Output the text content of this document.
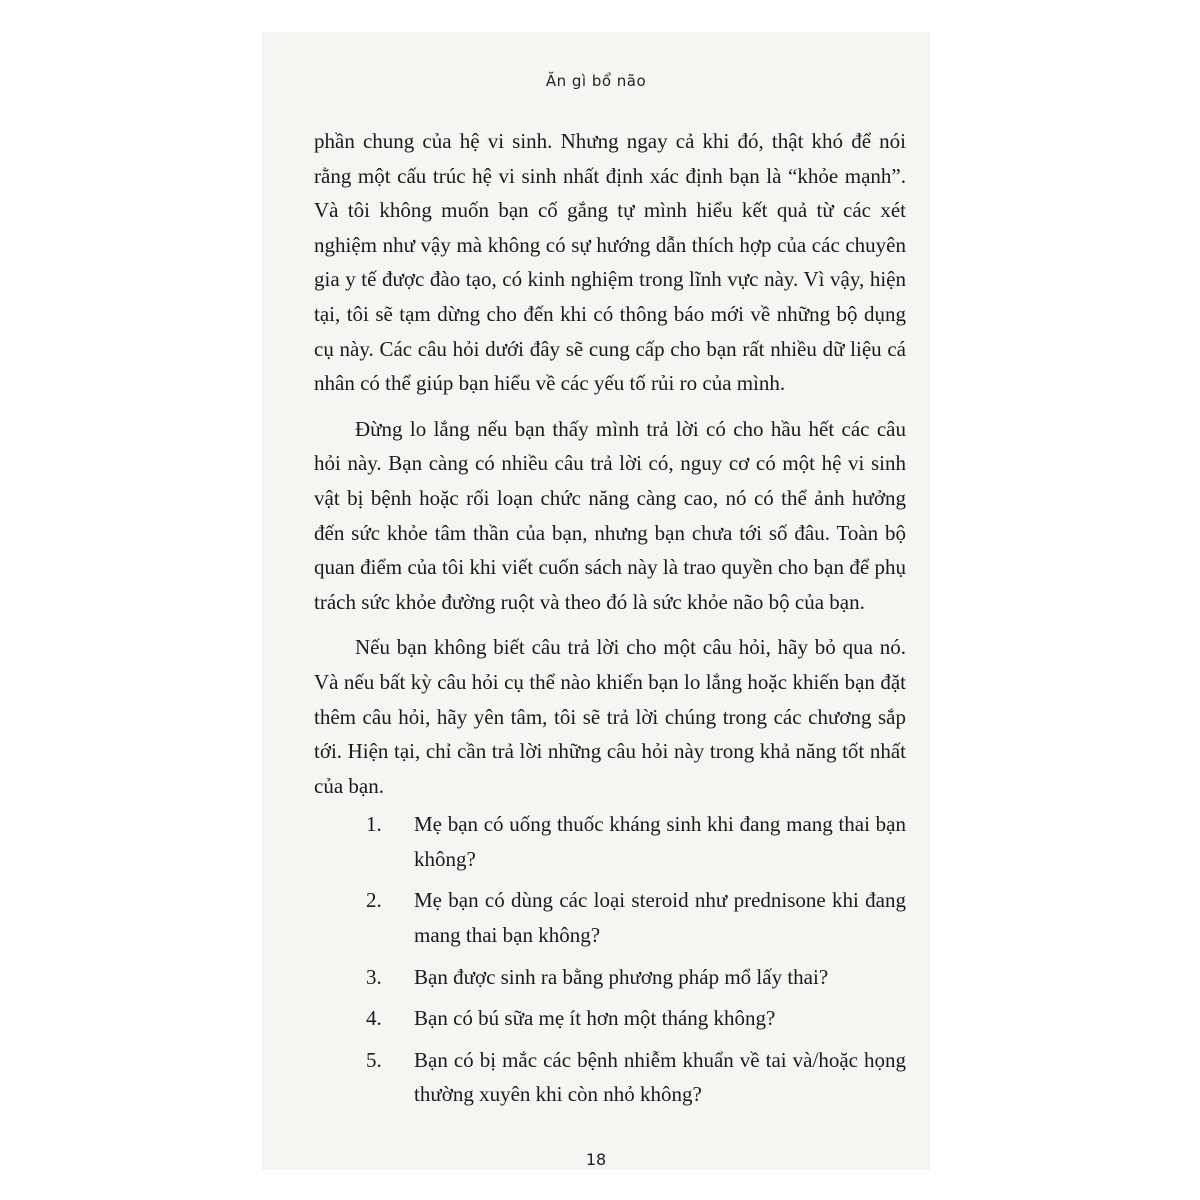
Ăn gì bổ não

phần chung của hệ vi sinh. Nhưng ngay cả khi đó, thật khó để nói rằng một cấu trúc hệ vi sinh nhất định xác định bạn là “khỏe mạnh”. Và tôi không muốn bạn cố gắng tự mình hiểu kết quả từ các xét nghiệm như vậy mà không có sự hướng dẫn thích hợp của các chuyên gia y tế được đào tạo, có kinh nghiệm trong lĩnh vực này. Vì vậy, hiện tại, tôi sẽ tạm dừng cho đến khi có thông báo mới về những bộ dụng cụ này. Các câu hỏi dưới đây sẽ cung cấp cho bạn rất nhiều dữ liệu cá nhân có thể giúp bạn hiểu về các yếu tố rủi ro của mình.

Đừng lo lắng nếu bạn thấy mình trả lời có cho hầu hết các câu hỏi này. Bạn càng có nhiều câu trả lời có, nguy cơ có một hệ vi sinh vật bị bệnh hoặc rối loạn chức năng càng cao, nó có thể ảnh hưởng đến sức khỏe tâm thần của bạn, nhưng bạn chưa tới số đâu. Toàn bộ quan điểm của tôi khi viết cuốn sách này là trao quyền cho bạn để phụ trách sức khỏe đường ruột và theo đó là sức khỏe não bộ của bạn.

Nếu bạn không biết câu trả lời cho một câu hỏi, hãy bỏ qua nó. Và nếu bất kỳ câu hỏi cụ thể nào khiến bạn lo lắng hoặc khiến bạn đặt thêm câu hỏi, hãy yên tâm, tôi sẽ trả lời chúng trong các chương sắp tới. Hiện tại, chỉ cần trả lời những câu hỏi này trong khả năng tốt nhất của bạn.

1.	Mẹ bạn có uống thuốc kháng sinh khi đang mang thai bạn không?
2.	Mẹ bạn có dùng các loại steroid như prednisone khi đang mang thai bạn không?
3.	Bạn được sinh ra bằng phương pháp mổ lấy thai?
4.	Bạn có bú sữa mẹ ít hơn một tháng không?
5.	Bạn có bị mắc các bệnh nhiễm khuẩn về tai và/hoặc họng thường xuyên khi còn nhỏ không?
18
